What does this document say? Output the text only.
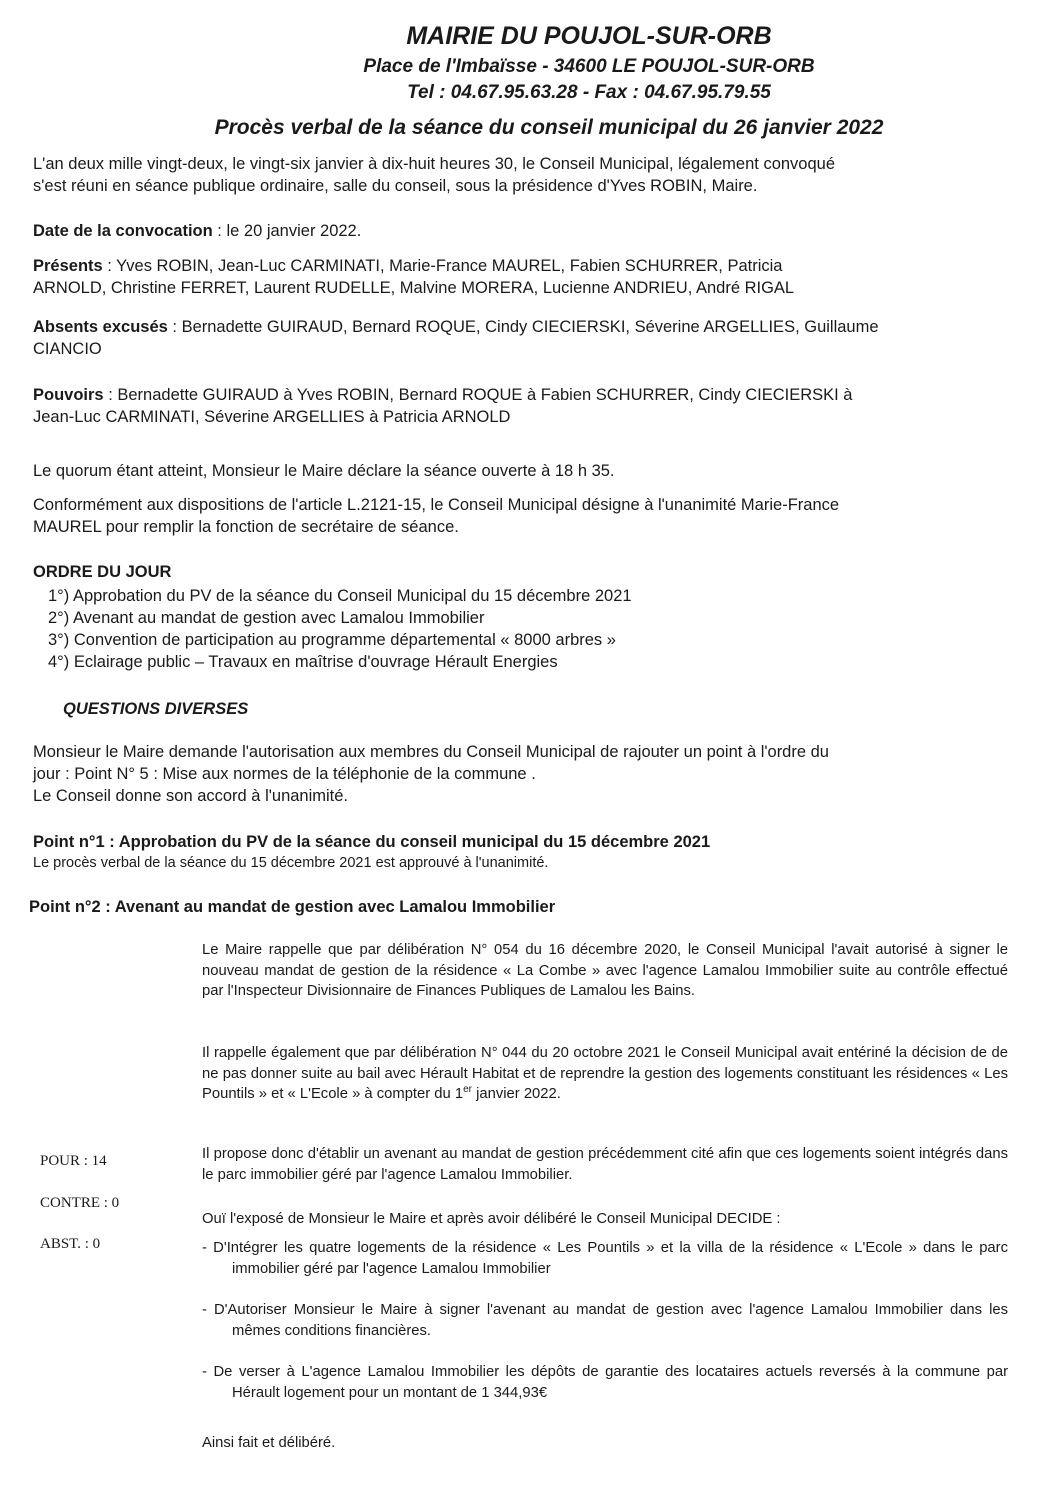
MAIRIE DU POUJOL-SUR-ORB

Place de l'Imbaïsse - 34600 LE POUJOL-SUR-ORB

Tel : 04.67.95.63.28 - Fax : 04.67.95.79.55

Procès verbal de la séance du conseil municipal du 26 janvier 2022

L'an deux mille vingt-deux, le vingt-six janvier à dix-huit heures 30, le Conseil Municipal, légalement convoqué
s'est réuni en séance publique ordinaire, salle du conseil, sous la présidence d'Yves ROBIN, Maire.

Date de la convocation : le 20 janvier 2022.

Présents : Yves ROBIN, Jean-Luc CARMINATI, Marie-France MAUREL, Fabien SCHURRER, Patricia
ARNOLD, Christine FERRET, Laurent RUDELLE, Malvine MORERA, Lucienne ANDRIEU, André RIGAL

Absents excusés : Bernadette GUIRAUD, Bernard ROQUE, Cindy CIECIERSKI, Séverine ARGELLIES, Guillaume
CIANCIO

Pouvoirs : Bernadette GUIRAUD à Yves ROBIN, Bernard ROQUE à Fabien SCHURRER, Cindy CIECIERSKI à
Jean-Luc CARMINATI, Séverine ARGELLIES à Patricia ARNOLD

Le quorum étant atteint, Monsieur le Maire déclare la séance ouverte à 18 h 35.

Conformément aux dispositions de l'article L.2121-15, le Conseil Municipal désigne à l'unanimité Marie-France
MAUREL pour remplir la fonction de secrétaire de séance.

ORDRE DU JOUR

1°) Approbation du PV de la séance du Conseil Municipal du 15 décembre 2021
2°) Avenant au mandat de gestion avec Lamalou Immobilier
3°) Convention de participation au programme départemental « 8000 arbres »
4°) Eclairage public – Travaux en maîtrise d'ouvrage Hérault Energies

QUESTIONS DIVERSES

Monsieur le Maire demande l'autorisation aux membres du Conseil Municipal de rajouter un point à l'ordre du
jour : Point N° 5 : Mise aux normes de la téléphonie de la commune .
Le Conseil donne son accord à l'unanimité.

Point n°1 : Approbation du PV de la séance du conseil municipal du 15 décembre 2021

Le procès verbal de la séance du 15 décembre 2021 est approuvé à l'unanimité.

Point n°2 : Avenant au mandat de gestion avec Lamalou Immobilier

Le Maire rappelle que par délibération N° 054 du 16 décembre 2020, le Conseil Municipal l'avait autorisé à signer le nouveau mandat de gestion de la résidence « La Combe » avec l'agence Lamalou Immobilier suite au contrôle effectué par l'Inspecteur Divisionnaire de Finances Publiques de Lamalou les Bains.

Il rappelle également que par délibération N° 044 du 20 octobre 2021 le Conseil Municipal avait entériné la décision de de ne pas donner suite au bail avec Hérault Habitat et de reprendre la gestion des logements constituant les résidences « Les Pountils » et « L'Ecole » à compter du 1er janvier 2022.

Il propose donc d'établir un avenant au mandat de gestion précédemment cité afin que ces logements soient intégrés dans le parc immobilier géré par l'agence Lamalou Immobilier.

POUR : 14

CONTRE : 0

ABST. : 0

Ouï l'exposé de Monsieur le Maire et après avoir délibéré le Conseil Municipal DECIDE :

- D'Intégrer les quatre logements de la résidence « Les Pountils » et la villa de la résidence « L'Ecole » dans le parc immobilier géré par l'agence Lamalou Immobilier

- D'Autoriser Monsieur le Maire à signer l'avenant au mandat de gestion avec l'agence Lamalou Immobilier dans les mêmes conditions financières.

- De verser à L'agence Lamalou Immobilier les dépôts de garantie des locataires actuels reversés à la commune par Hérault logement pour un montant de 1 344,93€

Ainsi fait et délibéré.
